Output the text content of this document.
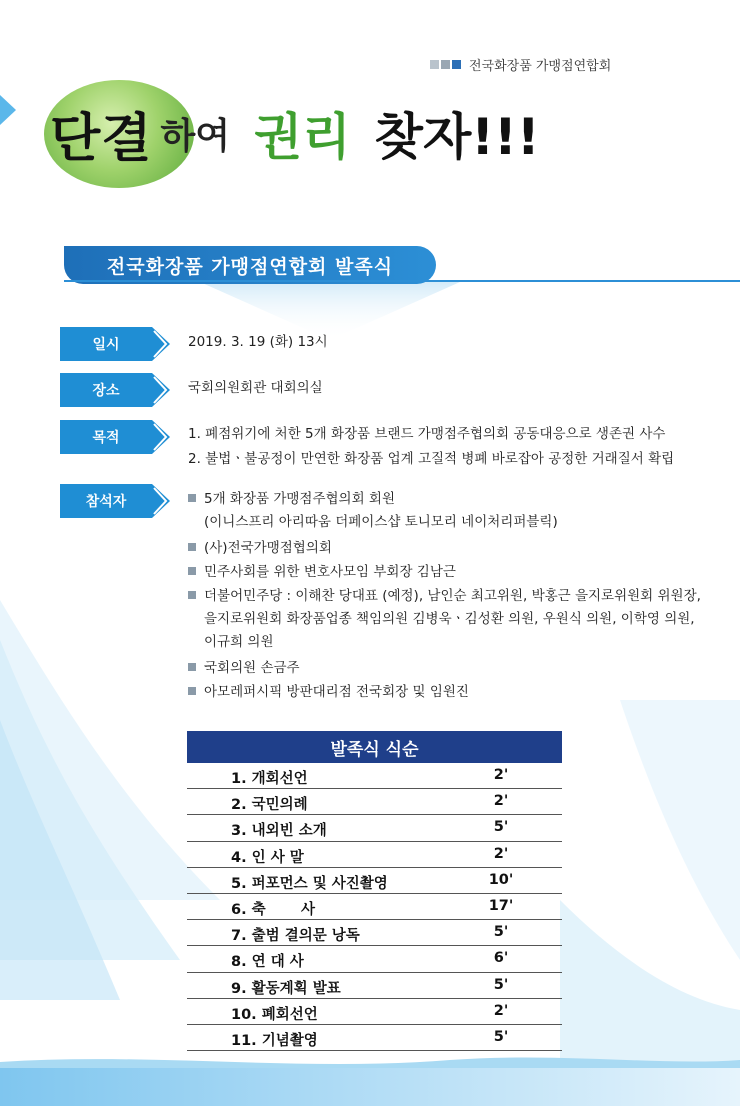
전국화장품 가맹점연합회
단결 하여 권리 찾자!!!
전국화장품 가맹점연합회 발족식
일시	2019. 3. 19 (화) 13시
장소	국회의원회관 대회의실
목적	1. 폐점위기에 처한 5개 화장품 브랜드 가맹점주협의회 공동대응으로 생존권 사수
2. 불법ㆍ불공정이 만연한 화장품 업계 고질적 병폐 바로잡아 공정한 거래질서 확립
참석자	5개 화장품 가맹점주협의회 회원
(이니스프리 아리따움 더페이스샵 토니모리 네이처리퍼블릭)
(사)전국가맹점협의회
민주사회를 위한 변호사모임 부회장 김남근
더불어민주당 : 이해찬 당대표 (예정), 남인순 최고위원, 박홍근 을지로위원회 위원장,
을지로위원회 화장품업종 책임의원 김병욱ㆍ김성환 의원, 우원식 의원, 이학영 의원,
이규희 의원
국회의원 손금주
아모레퍼시픽 방판대리점 전국회장 및 임원진
발족식 식순
1. 개회선언	2'
2. 국민의례	2'
3. 내외빈 소개	5'
4. 인 사 말	2'
5. 퍼포먼스 및 사진촬영	10'
6. 축       사	17'
7. 출범 결의문 낭독	5'
8. 연 대 사	6'
9. 활동계획 발표	5'
10. 폐회선언	2'
11. 기념촬영	5'
